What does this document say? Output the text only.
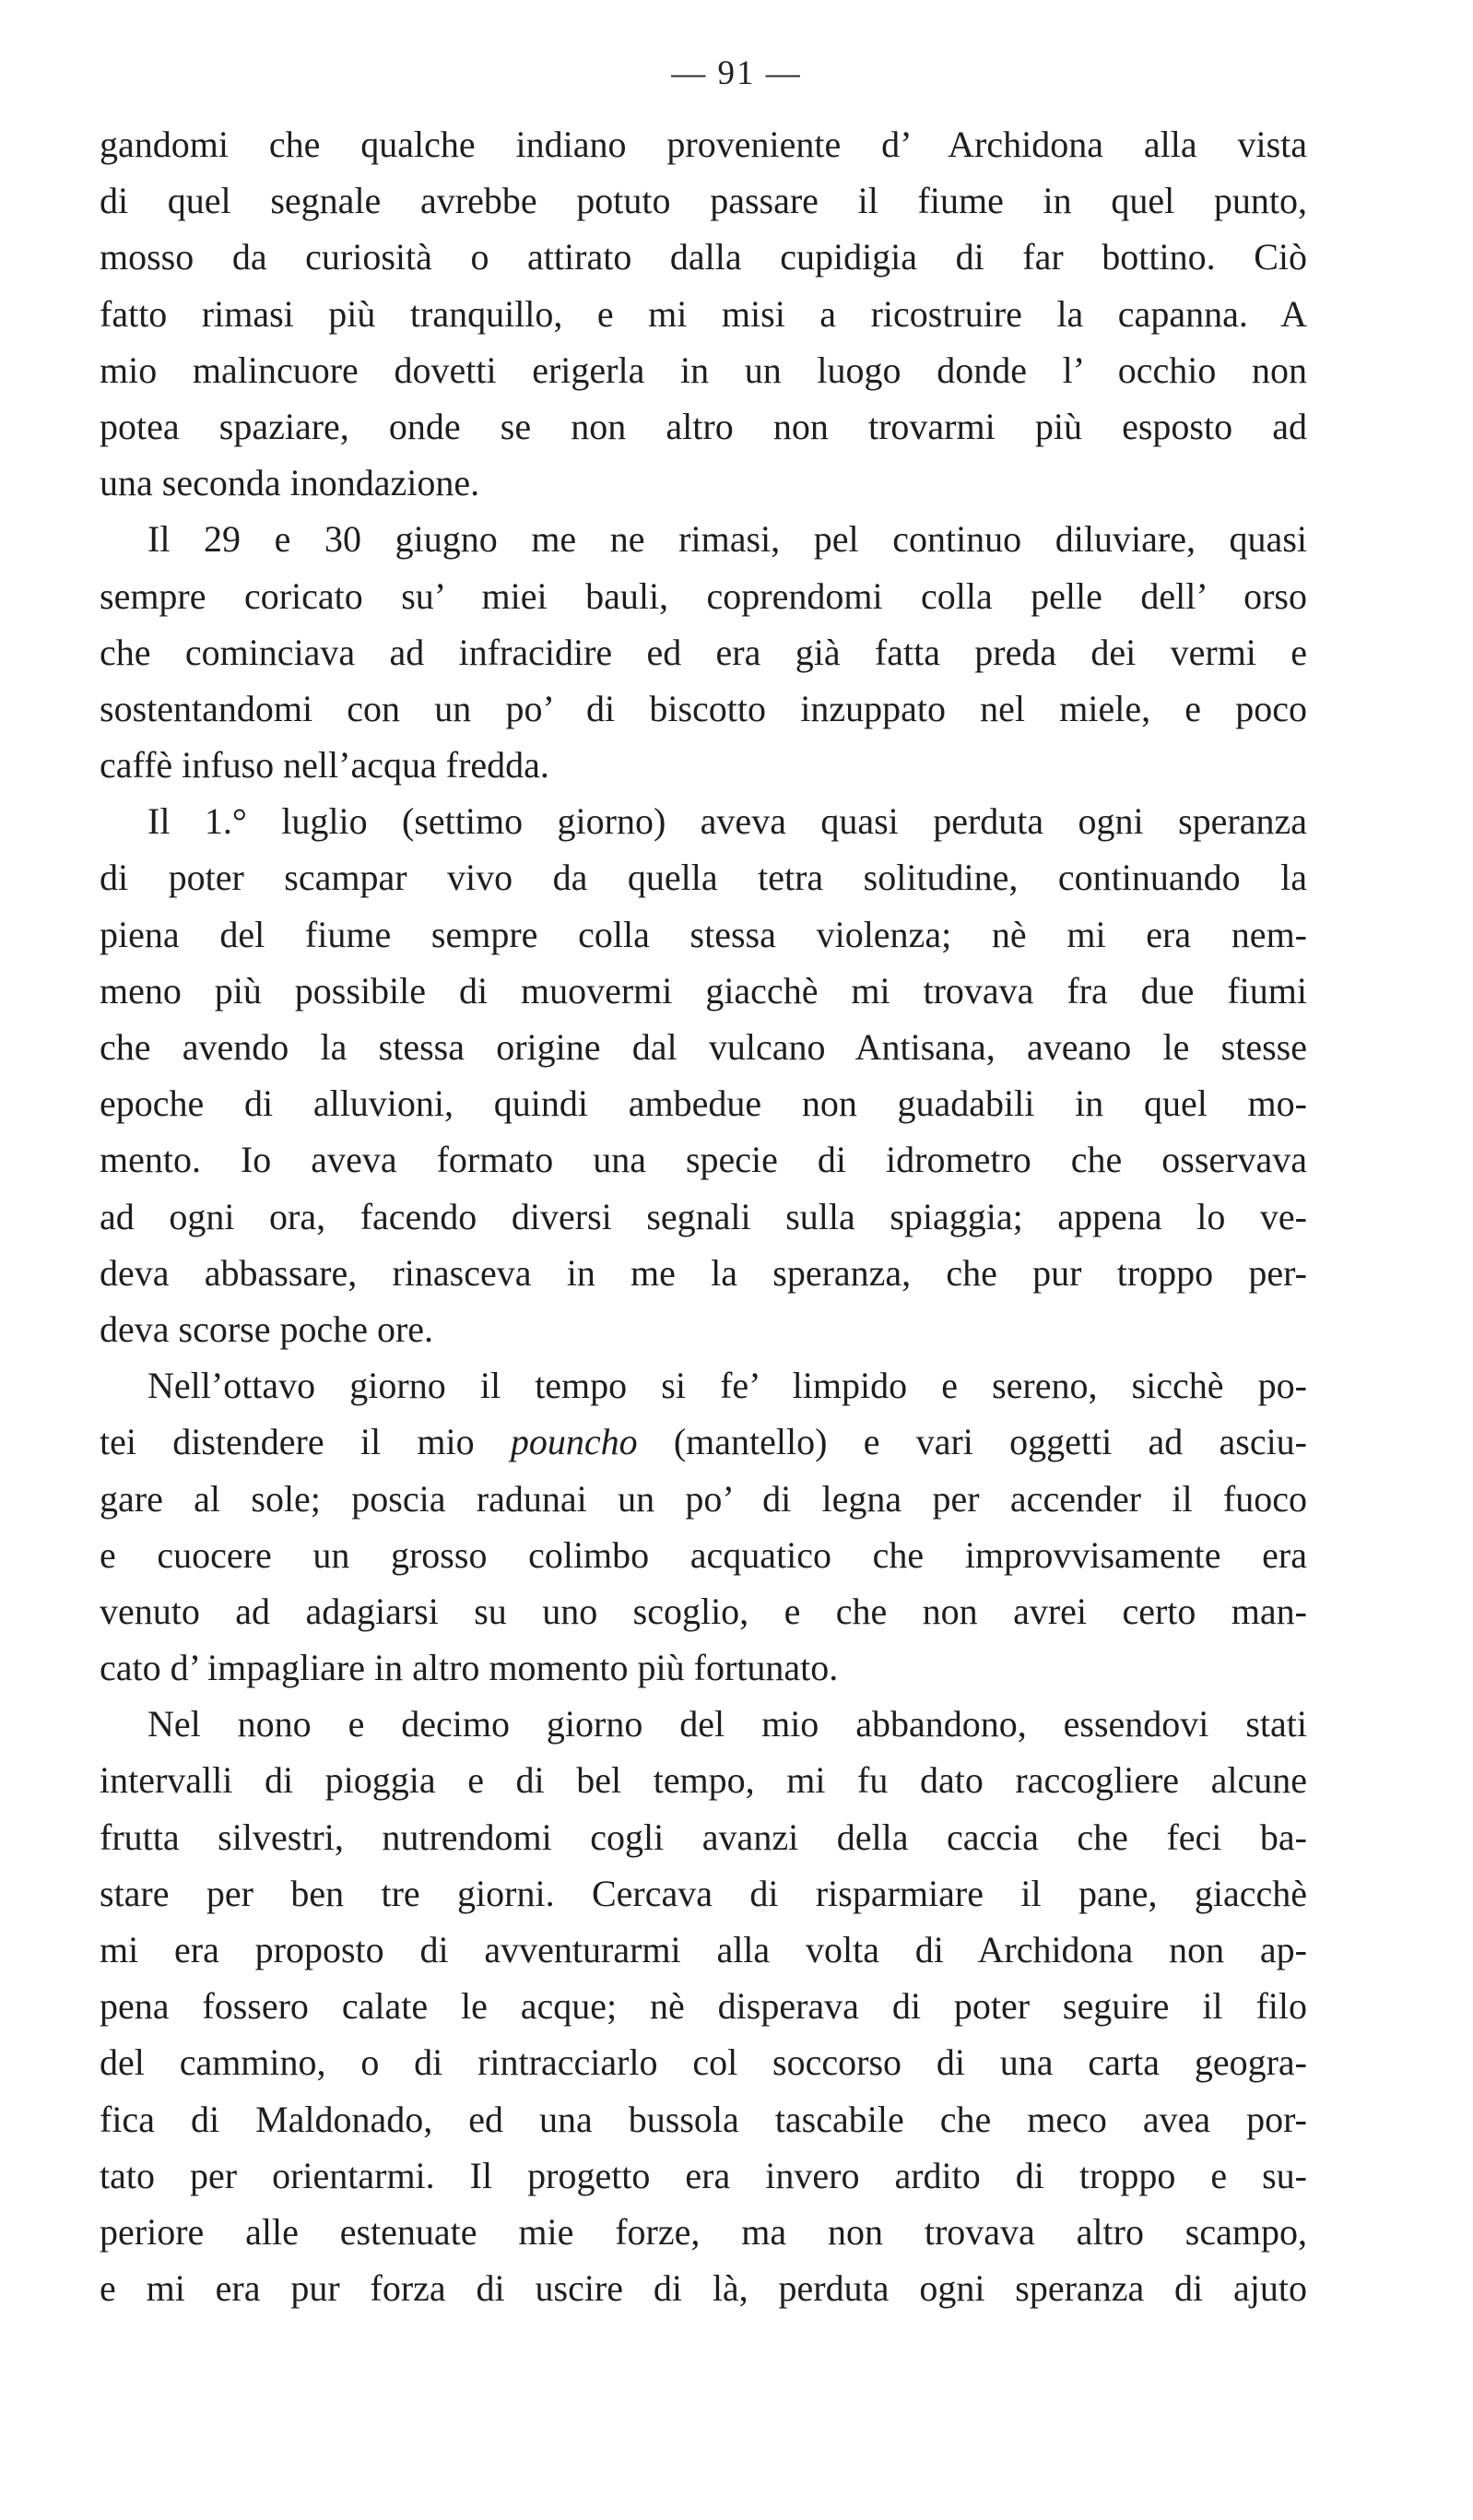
— 91 —
gandomi che qualche indiano proveniente d’ Archidona alla vista
di quel segnale avrebbe potuto passare il fiume in quel punto,
mosso da curiosità o attirato dalla cupidigia di far bottino. Ciò
fatto rimasi più tranquillo, e mi misi a ricostruire la capanna. A
mio malincuore dovetti erigerla in un luogo donde l’ occhio non
potea spaziare, onde se non altro non trovarmi più esposto ad
una seconda inondazione.
Il 29 e 30 giugno me ne rimasi, pel continuo diluviare, quasi
sempre coricato su’ miei bauli, coprendomi colla pelle dell’ orso
che cominciava ad infracidire ed era già fatta preda dei vermi e
sostentandomi con un po’ di biscotto inzuppato nel miele, e poco
caffè infuso nell’acqua fredda.
Il 1.° luglio (settimo giorno) aveva quasi perduta ogni speranza
di poter scampar vivo da quella tetra solitudine, continuando la
piena del fiume sempre colla stessa violenza; nè mi era nem-
meno più possibile di muovermi giacchè mi trovava fra due fiumi
che avendo la stessa origine dal vulcano Antisana, aveano le stesse
epoche di alluvioni, quindi ambedue non guadabili in quel mo-
mento. Io aveva formato una specie di idrometro che osservava
ad ogni ora, facendo diversi segnali sulla spiaggia; appena lo ve-
deva abbassare, rinasceva in me la speranza, che pur troppo per-
deva scorse poche ore.
Nell’ottavo giorno il tempo si fe’ limpido e sereno, sicchè po-
tei distendere il mio pouncho (mantello) e vari oggetti ad asciu-
gare al sole; poscia radunai un po’ di legna per accender il fuoco
e cuocere un grosso colimbo acquatico che improvvisamente era
venuto ad adagiarsi su uno scoglio, e che non avrei certo man-
cato d’ impagliare in altro momento più fortunato.
Nel nono e decimo giorno del mio abbandono, essendovi stati
intervalli di pioggia e di bel tempo, mi fu dato raccogliere alcune
frutta silvestri, nutrendomi cogli avanzi della caccia che feci ba-
stare per ben tre giorni. Cercava di risparmiare il pane, giacchè
mi era proposto di avventurarmi alla volta di Archidona non ap-
pena fossero calate le acque; nè disperava di poter seguire il filo
del cammino, o di rintracciarlo col soccorso di una carta geogra-
fica di Maldonado, ed una bussola tascabile che meco avea por-
tato per orientarmi. Il progetto era invero ardito di troppo e su-
periore alle estenuate mie forze, ma non trovava altro scampo,
e mi era pur forza di uscire di là, perduta ogni speranza di ajuto
